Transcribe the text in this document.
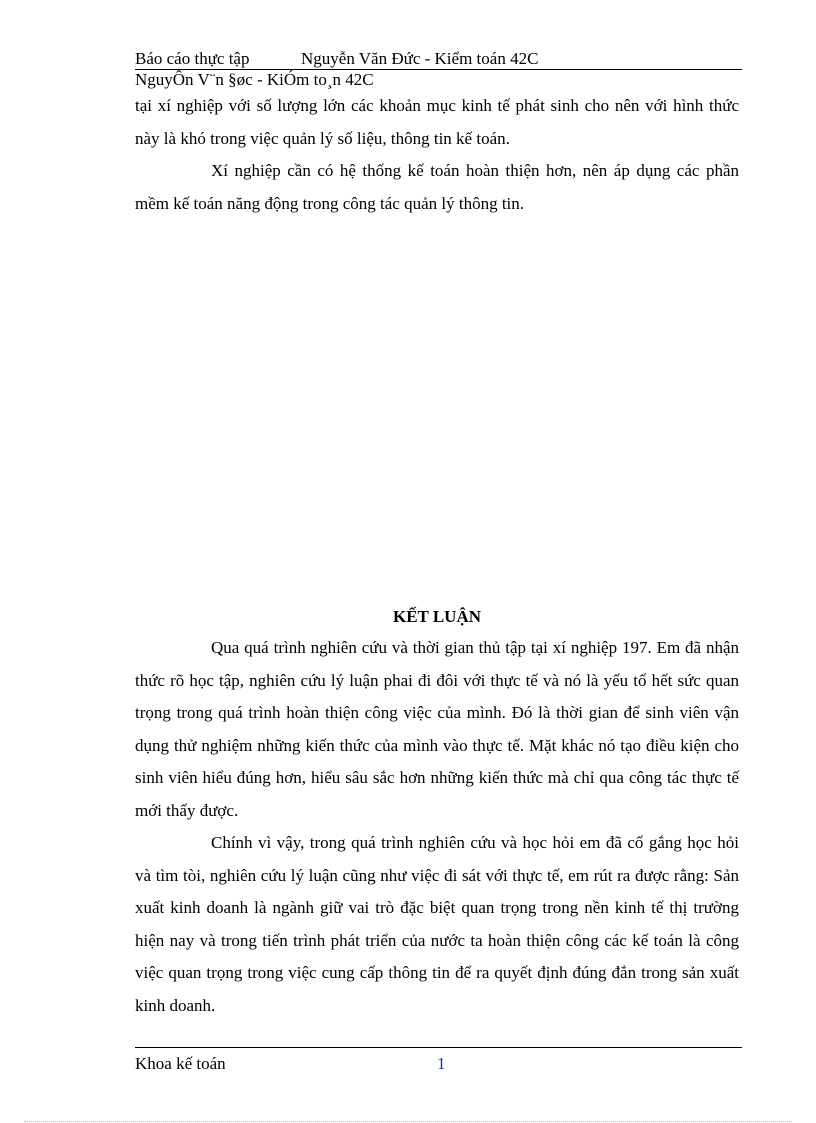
Báo cáo thực tập	Nguyễn Văn Đức - Kiểm toán 42C
NguyÔn V¨n §øc - KiÓm to¸n 42C

tại xí nghiệp với số lượng lớn các khoản mục kinh tế phát sinh cho nên với hình thức này là khó trong việc quản lý số liệu, thông tin kế toán.

Xí nghiệp cần có hệ thống kế toán hoàn thiện hơn, nên áp dụng các phần mềm kế toán năng động trong công tác quản lý thông tin.

KẾT LUẬN

Qua quá trình nghiên cứu và thời gian thủ tập tại xí nghiệp 197. Em đã nhận thức rõ học tập, nghiên cứu lý luận phai đi đôi với thực tế và nó là yếu tố hết sức quan trọng trong quá trình hoàn thiện công việc của mình. Đó là thời gian để sinh viên vận dụng thử nghiệm những kiến thức của mình vào thực tế. Mặt khác nó tạo điều kiện cho sinh viên hiểu đúng hơn, hiểu sâu sắc hơn những kiến thức mà chỉ qua công tác thực tế mới thấy được.

Chính vì vậy, trong quá trình nghiên cứu và học hỏi em đã cố gắng học hỏi và tìm tòi, nghiên cứu lý luận cũng như việc đi sát với thực tế, em rút ra được rằng: Sản xuất kinh doanh là ngành giữ vai trò đặc biệt quan trọng trong nền kinh tế thị trường hiện nay và trong tiến trình phát triển của nước ta hoàn thiện công các kế toán là công việc quan trọng trong việc cung cấp thông tin để ra quyết định đúng đắn trong sản xuất kinh doanh.

Khoa kế toán	1
